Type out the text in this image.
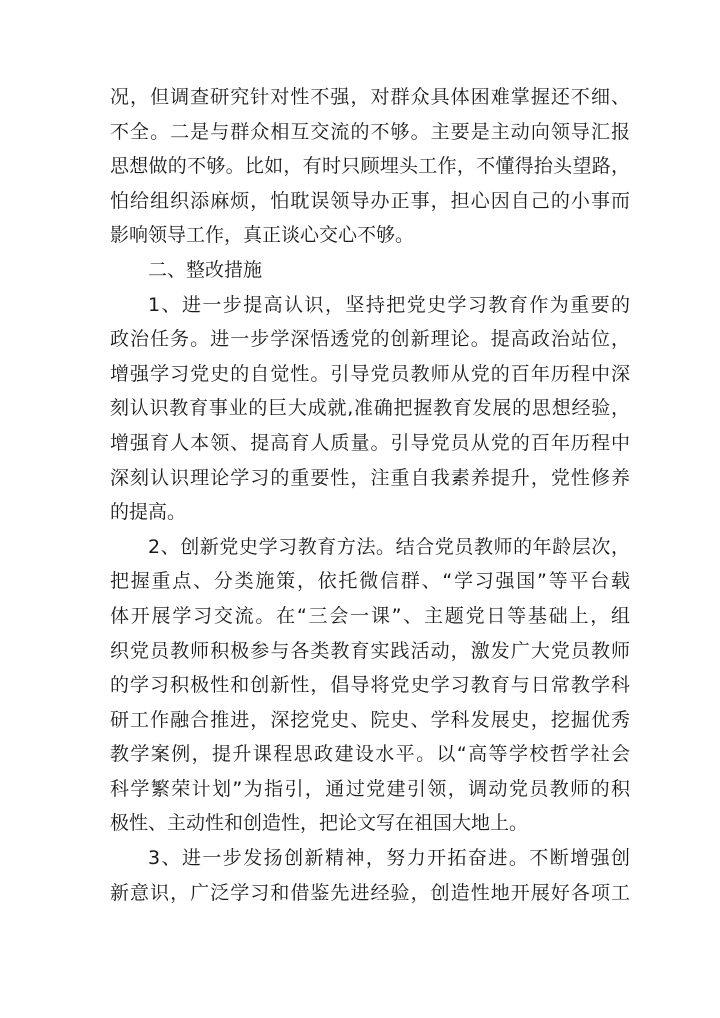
况，但调查研究针对性不强，对群众具体困难掌握还不细、
不全。二是与群众相互交流的不够。主要是主动向领导汇报
思想做的不够。比如，有时只顾埋头工作，不懂得抬头望路，
怕给组织添麻烦，怕耽误领导办正事，担心因自己的小事而
影响领导工作，真正谈心交心不够。
二、整改措施
1、进一步提高认识，坚持把党史学习教育作为重要的
政治任务。进一步学深悟透党的创新理论。提高政治站位，
增强学习党史的自觉性。引导党员教师从党的百年历程中深
刻认识教育事业的巨大成就,准确把握教育发展的思想经验，
增强育人本领、提高育人质量。引导党员从党的百年历程中
深刻认识理论学习的重要性，注重自我素养提升，党性修养
的提高。
2、创新党史学习教育方法。结合党员教师的年龄层次，
把握重点、分类施策，依托微信群、“学习强国”等平台载
体开展学习交流。在“三会一课”、主题党日等基础上，组
织党员教师积极参与各类教育实践活动，激发广大党员教师
的学习积极性和创新性，倡导将党史学习教育与日常教学科
研工作融合推进，深挖党史、院史、学科发展史，挖掘优秀
教学案例，提升课程思政建设水平。以“高等学校哲学社会
科学繁荣计划”为指引，通过党建引领，调动党员教师的积
极性、主动性和创造性，把论文写在祖国大地上。
3、进一步发扬创新精神，努力开拓奋进。不断增强创
新意识，广泛学习和借鉴先进经验，创造性地开展好各项工
